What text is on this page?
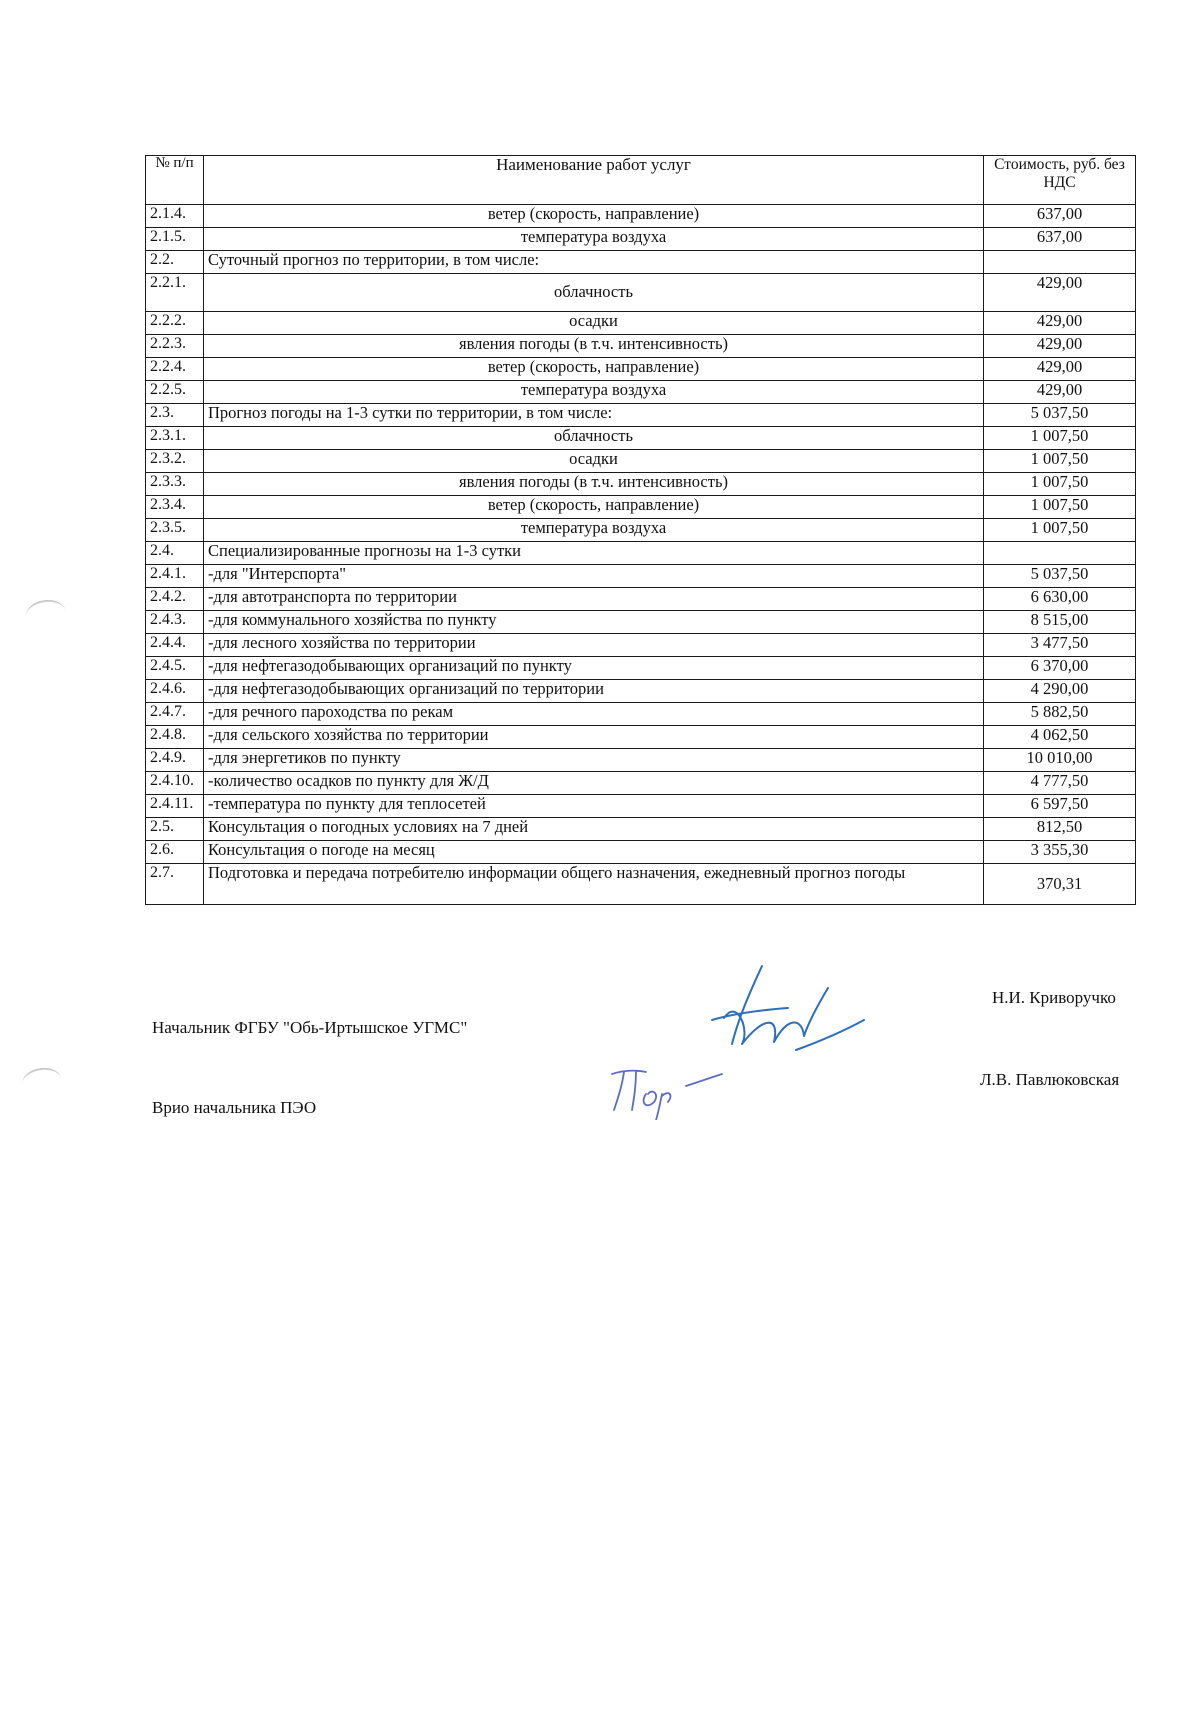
№ п/п	Наименование работ услуг	Стоимость, руб. без НДС
2.1.4.	ветер (скорость, направление)	637,00
2.1.5.	температура воздуха	637,00
2.2.	Суточный прогноз по территории, в том числе:	
2.2.1.	облачность	429,00
2.2.2.	осадки	429,00
2.2.3.	явления погоды (в т.ч. интенсивность)	429,00
2.2.4.	ветер (скорость, направление)	429,00
2.2.5.	температура воздуха	429,00
2.3.	Прогноз погоды на 1-3 сутки по территории, в том числе:	5 037,50
2.3.1.	облачность	1 007,50
2.3.2.	осадки	1 007,50
2.3.3.	явления погоды (в т.ч. интенсивность)	1 007,50
2.3.4.	ветер (скорость, направление)	1 007,50
2.3.5.	температура воздуха	1 007,50
2.4.	Специализированные прогнозы на 1-3 сутки	
2.4.1.	-для "Интерспорта"	5 037,50
2.4.2.	-для автотранспорта по территории	6 630,00
2.4.3.	-для коммунального хозяйства по пункту	8 515,00
2.4.4.	-для лесного хозяйства по территории	3 477,50
2.4.5.	-для нефтегазодобывающих организаций по пункту	6 370,00
2.4.6.	-для нефтегазодобывающих организаций по территории	4 290,00
2.4.7.	-для речного пароходства по рекам	5 882,50
2.4.8.	-для сельского хозяйства по территории	4 062,50
2.4.9.	-для энергетиков по пункту	10 010,00
2.4.10.	-количество осадков по пункту для Ж/Д	4 777,50
2.4.11.	-температура по пункту для теплосетей	6 597,50
2.5.	Консультация о погодных условиях на 7 дней	812,50
2.6.	Консультация о погоде на месяц	3 355,30
2.7.	Подготовка и передача потребителю информации общего назначения, ежедневный прогноз погоды	370,31
Начальник ФГБУ "Обь-Иртышское УГМС"
Н.И. Криворучко
Врио начальника ПЭО
Л.В. Павлюковская
